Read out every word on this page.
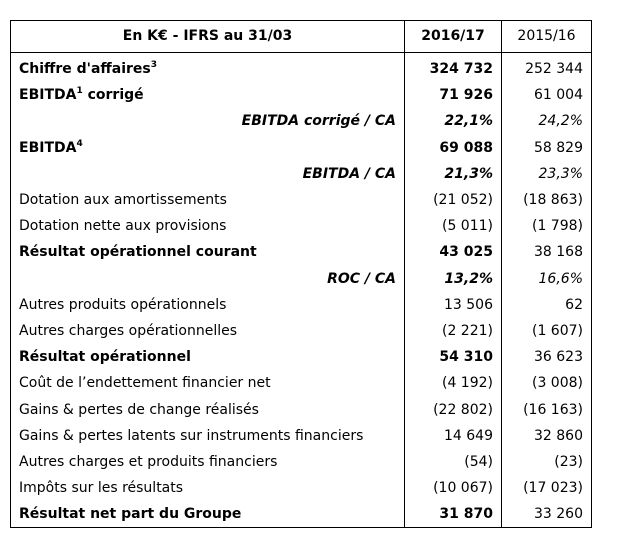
En K€ - IFRS au 31/03	2016/17	2015/16
Chiffre d'affaires$^3$	324 732	252 344
EBITDA$^1$ corrigé	71 926	61 004
EBITDA corrigé / CA	22,1%	24,2%
EBITDA$^4$	69 088	58 829
EBITDA / CA	21,3%	23,3%
Dotation aux amortissements	(21 052)	(18 863)
Dotation nette aux provisions	(5 011)	(1 798)
Résultat opérationnel courant	43 025	38 168
ROC / CA	13,2%	16,6%
Autres produits opérationnels	13 506	62
Autres charges opérationnelles	(2 221)	(1 607)
Résultat opérationnel	54 310	36 623
Coût de l’endettement financier net	(4 192)	(3 008)
Gains & pertes de change réalisés	(22 802)	(16 163)
Gains & pertes latents sur instruments financiers	14 649	32 860
Autres charges et produits financiers	(54)	(23)
Impôts sur les résultats	(10 067)	(17 023)
Résultat net part du Groupe	31 870	33 260
